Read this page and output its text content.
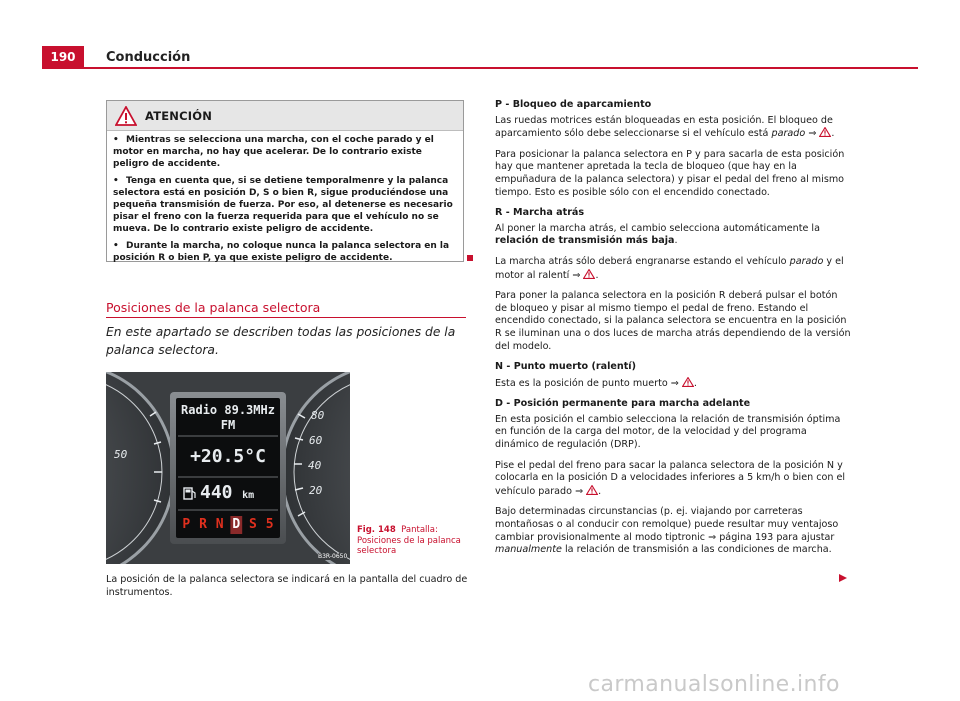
190	Conducción
ATENCIÓN
• Mientras se selecciona una marcha, con el coche parado y el motor en marcha, no hay que acelerar. De lo contrario existe peligro de accidente.
• Tenga en cuenta que, si se detiene temporalmenre y la palanca selectora está en posición D, S o bien R, sigue produciéndose una pequeña transmisión de fuerza. Por eso, al detenerse es necesario pisar el freno con la fuerza requerida para que el vehículo no se mueva. De lo contrario existe peligro de accidente.
• Durante la marcha, no coloque nunca la palanca selectora en la posición R o bien P, ya que existe peligro de accidente.
Posiciones de la palanca selectora
En este apartado se describen todas las posiciones de la palanca selectora.
Radio 89.3MHz
FM
+20.5°C
440 km
P R N D S 5
50
80
60
40
20
B3R-0650
Fig. 148 Pantalla: Posiciones de la palanca selectora
La posición de la palanca selectora se indicará en la pantalla del cuadro de instrumentos.
P - Bloqueo de aparcamiento
Las ruedas motrices están bloqueadas en esta posición. El bloqueo de aparcamiento sólo debe seleccionarse si el vehículo está parado ⇒ .
Para posicionar la palanca selectora en P y para sacarla de esta posición hay que mantener apretada la tecla de bloqueo (que hay en la empuñadura de la palanca selectora) y pisar el pedal del freno al mismo tiempo. Esto es posible sólo con el encendido conectado.
R - Marcha atrás
Al poner la marcha atrás, el cambio selecciona automáticamente la relación de transmisión más baja.
La marcha atrás sólo deberá engranarse estando el vehículo parado y el motor al ralentí ⇒ .
Para poner la palanca selectora en la posición R deberá pulsar el botón de bloqueo y pisar al mismo tiempo el pedal de freno. Estando el encendido conectado, si la palanca selectora se encuentra en la posición R se iluminan una o dos luces de marcha atrás dependiendo de la versión del modelo.
N - Punto muerto (ralentí)
Esta es la posición de punto muerto ⇒ .
D - Posición permanente para marcha adelante
En esta posición el cambio selecciona la relación de transmisión óptima en función de la carga del motor, de la velocidad y del programa dinámico de regulación (DRP).
Pise el pedal del freno para sacar la palanca selectora de la posición N y colocarla en la posición D a velocidades inferiores a 5 km/h o bien con el vehículo parado ⇒ .
Bajo determinadas circunstancias (p. ej. viajando por carreteras montañosas o al conducir con remolque) puede resultar muy ventajoso cambiar provisionalmente al modo tiptronic ⇒ página 193 para ajustar manualmente la relación de transmisión a las condiciones de marcha.
carmanualsonline.info
